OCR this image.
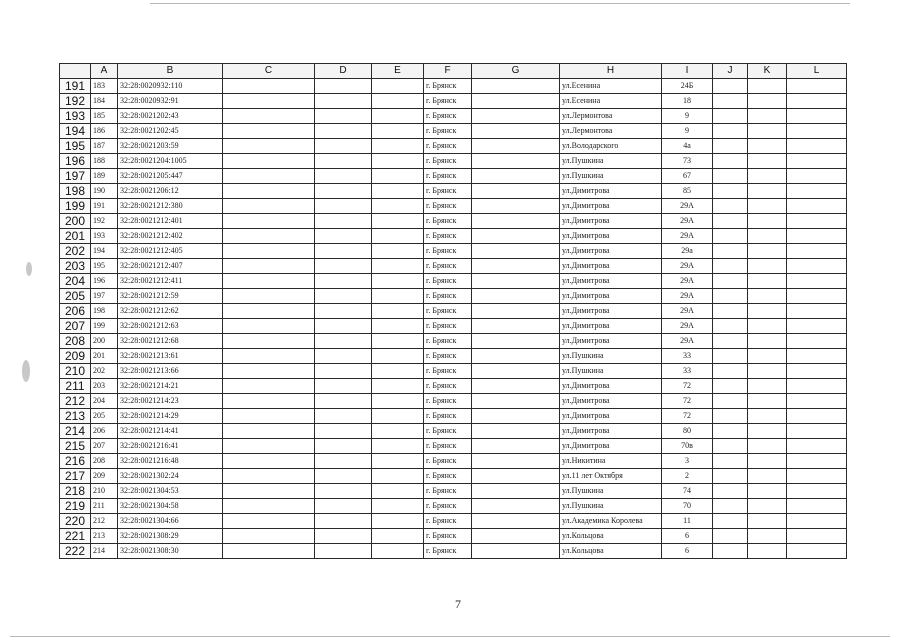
	A	B	C	D	E	F	G	H	I	J	K	L
191	183	32:28:0020932:110				г. Брянск		ул.Есенина	24Б			
192	184	32:28:0020932:91				г. Брянск		ул.Есенина	18			
193	185	32:28:0021202:43				г. Брянск		ул.Лермонтова	9			
194	186	32:28:0021202:45				г. Брянск		ул.Лермонтова	9			
195	187	32:28:0021203:59				г. Брянск		ул.Володарского	4а			
196	188	32:28:0021204:1005				г. Брянск		ул.Пушкина	73			
197	189	32:28:0021205:447				г. Брянск		ул.Пушкина	67			
198	190	32:28:0021206:12				г. Брянск		ул.Димитрова	85			
199	191	32:28:0021212:380				г. Брянск		ул.Димитрова	29А			
200	192	32:28:0021212:401				г. Брянск		ул.Димитрова	29А			
201	193	32:28:0021212:402				г. Брянск		ул.Димитрова	29А			
202	194	32:28:0021212:405				г. Брянск		ул.Димитрова	29а			
203	195	32:28:0021212:407				г. Брянск		ул.Димитрова	29А			
204	196	32:28:0021212:411				г. Брянск		ул.Димитрова	29А			
205	197	32:28:0021212:59				г. Брянск		ул.Димитрова	29А			
206	198	32:28:0021212:62				г. Брянск		ул.Димитрова	29А			
207	199	32:28:0021212:63				г. Брянск		ул.Димитрова	29А			
208	200	32:28:0021212:68				г. Брянск		ул.Димитрова	29А			
209	201	32:28:0021213:61				г. Брянск		ул.Пушкина	33			
210	202	32:28:0021213:66				г. Брянск		ул.Пушкина	33			
211	203	32:28:0021214:21				г. Брянск		ул.Димитрова	72			
212	204	32:28:0021214:23				г. Брянск		ул.Димитрова	72			
213	205	32:28:0021214:29				г. Брянск		ул.Димитрова	72			
214	206	32:28:0021214:41				г. Брянск		ул.Димитрова	80			
215	207	32:28:0021216:41				г. Брянск		ул.Димитрова	70в			
216	208	32:28:0021216:48				г. Брянск		ул.Никитина	3			
217	209	32:28:0021302:24				г. Брянск		ул.11 лет Октября	2			
218	210	32:28:0021304:53				г. Брянск		ул.Пушкина	74			
219	211	32:28:0021304:58				г. Брянск		ул.Пушкина	70			
220	212	32:28:0021304:66				г. Брянск		ул.Академика Королева	11			
221	213	32:28:0021308:29				г. Брянск		ул.Кольцова	6			
222	214	32:28:0021308:30				г. Брянск		ул.Кольцова	6			
7
